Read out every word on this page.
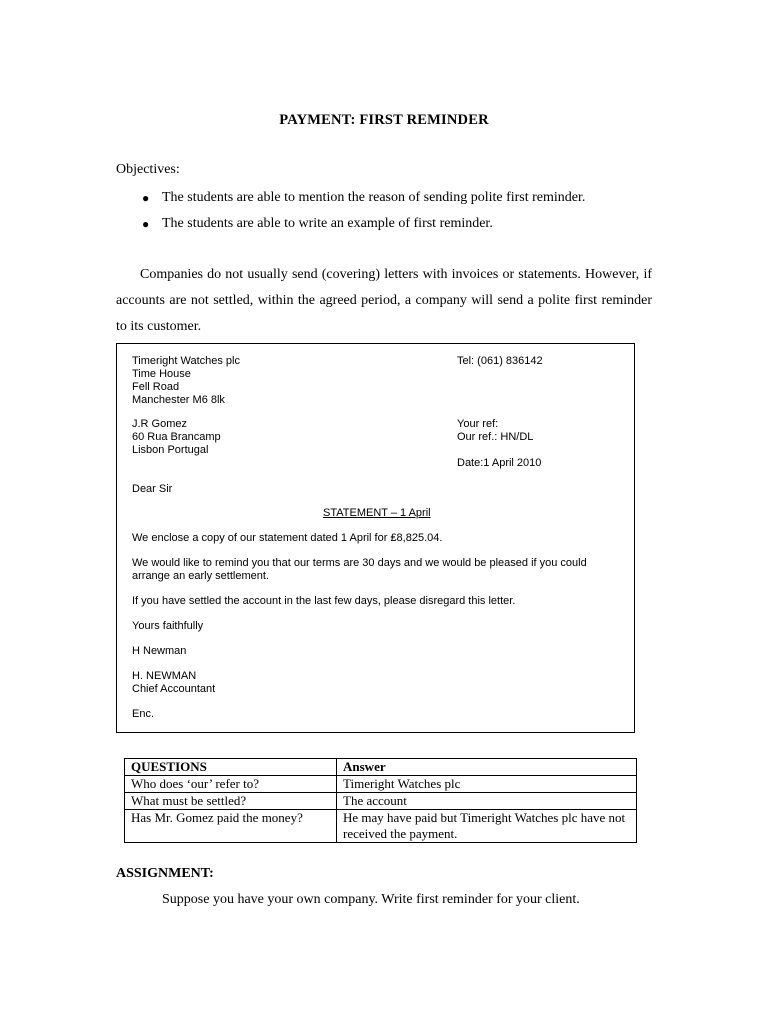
PAYMENT: FIRST REMINDER
Objectives:
● The students are able to mention the reason of sending polite first reminder.
● The students are able to write an example of first reminder.

Companies do not usually send (covering) letters with invoices or statements. However, if accounts are not settled, within the agreed period, a company will send a polite first reminder to its customer.

Timeright Watches plc
Time House
Fell Road
Manchester M6 8lk
Tel: (061) 836142
J.R Gomez
60 Rua Brancamp
Lisbon Portugal
Your ref:
Our ref.: HN/DL
Date:1 April 2010
Dear Sir
STATEMENT – 1 April
We enclose a copy of our statement dated 1 April for ₤8,825.04.
We would like to remind you that our terms are 30 days and we would be pleased if you could
arrange an early settlement.
If you have settled the account in the last few days, please disregard this letter.
Yours faithfully
H Newman
H. NEWMAN
Chief Accountant
Enc.
QUESTIONS	Answer
Who does ‘our’ refer to?	Timeright Watches plc
What must be settled?	The account
Has Mr. Gomez paid the money?	He may have paid but Timeright Watches plc have not received the payment.
ASSIGNMENT:
Suppose you have your own company. Write first reminder for your client.
